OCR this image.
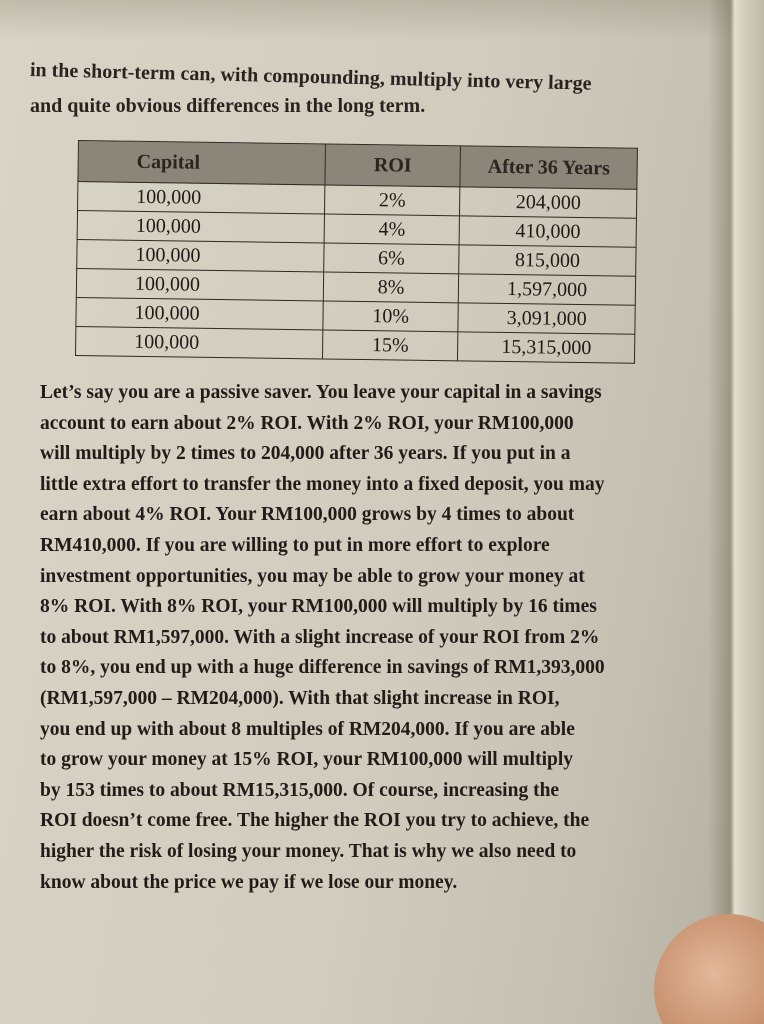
in the short-term can, with compounding, multiply into very large
and quite obvious differences in the long term.

Capital	ROI	After 36 Years
100,000	2%	204,000
100,000	4%	410,000
100,000	6%	815,000
100,000	8%	1,597,000
100,000	10%	3,091,000
100,000	15%	15,315,000

Let’s say you are a passive saver. You leave your capital in a savings
account to earn about 2% ROI. With 2% ROI, your RM100,000
will multiply by 2 times to 204,000 after 36 years. If you put in a
little extra effort to transfer the money into a fixed deposit, you may
earn about 4% ROI. Your RM100,000 grows by 4 times to about
RM410,000. If you are willing to put in more effort to explore
investment opportunities, you may be able to grow your money at
8% ROI. With 8% ROI, your RM100,000 will multiply by 16 times
to about RM1,597,000. With a slight increase of your ROI from 2%
to 8%, you end up with a huge difference in savings of RM1,393,000
(RM1,597,000 – RM204,000). With that slight increase in ROI,
you end up with about 8 multiples of RM204,000. If you are able
to grow your money at 15% ROI, your RM100,000 will multiply
by 153 times to about RM15,315,000. Of course, increasing the
ROI doesn’t come free. The higher the ROI you try to achieve, the
higher the risk of losing your money. That is why we also need to
know about the price we pay if we lose our money.
